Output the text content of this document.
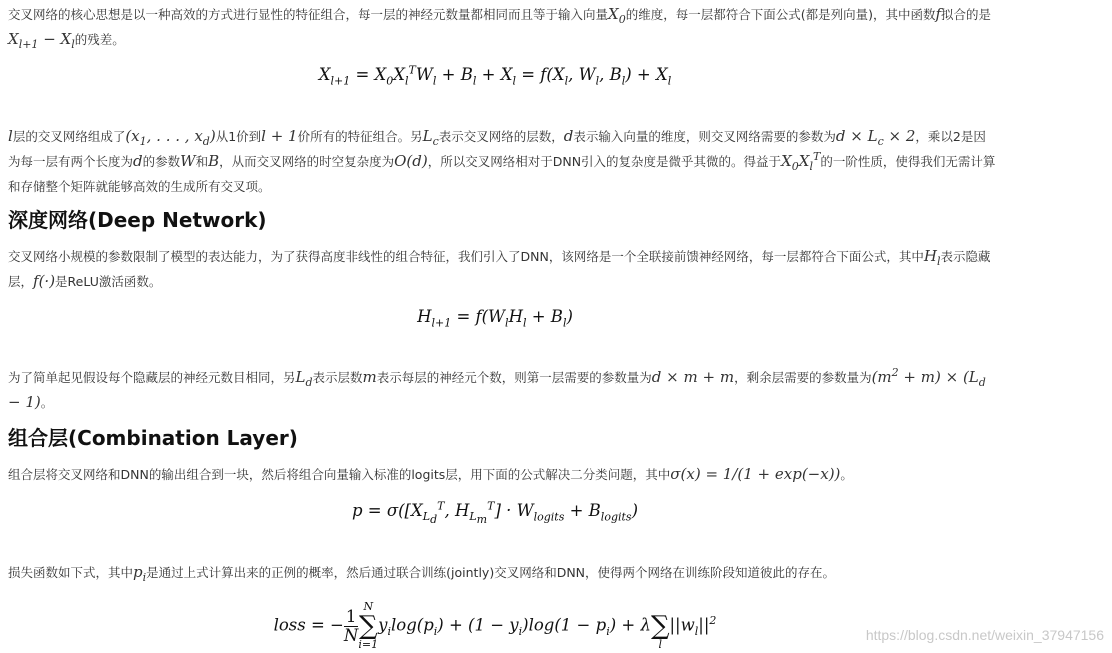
交叉网络的核心思想是以一种高效的方式进行显性的特征组合，每一层的神经元数量都相同而且等于输入向量$X_0$的维度，每一层都符合下面公式(都是列向量)，其中函数f拟合的是$X_{l+1} - X_l$的残差。

$X_{l+1} = X_0X_l^TW_l + B_l + X_l = f(X_l$, $W_l$, $B_l) + X_l$

l层的交叉网络组成了($x_1$, . . . , $x_d$)从1价到l + 1价所有的特征组合。另$L_c$表示交叉网络的层数，d表示输入向量的维度，则交叉网络需要的参数为$d \times L_c \times 2$，乘以2是因为每一层有两个长度为d的参数W和B，从而交叉网络的时空复杂度为O(d)，所以交叉网络相对于DNN引入的复杂度是微乎其微的。得益于$X_0X_l^T$的一阶性质，使得我们无需计算和存储整个矩阵就能够高效的生成所有交叉项。

深度网络(Deep Network)

交叉网络小规模的参数限制了模型的表达能力，为了获得高度非线性的组合特征，我们引入了DNN，该网络是一个全联接前馈神经网络，每一层都符合下面公式，其中$H_l$表示隐藏层，f(·)是ReLU激活函数。

$H_{l+1} = f(W_lH_l + B_l)$

为了简单起见假设每个隐藏层的神经元数目相同，另$L_d$表示层数m表示每层的神经元个数，则第一层需要的参数量为d × m + m，剩余层需要的参数量为$(m^2 + m) \times (L_d - 1)$。

组合层(Combination Layer)

组合层将交叉网络和DNN的输出组合到一块，然后将组合向量输入标准的logits层，用下面的公式解决二分类问题，其中σ(x) = 1/(1 + exp(−x))。

$p = \sigma([X_{L_d}^T$, $H_{L_m}^T] \cdot W_{logits} + B_{logits}$)

损失函数如下式，其中$p_i$是通过上式计算出来的正例的概率，然后通过联合训练(jointly)交叉网络和DNN，使得两个网络在训练阶段知道彼此的存在。

loss = − $\frac{1}{N}$
N
∑
i=1
$y_i\log(p_i) + (1 - y_i)\log(1 - p_i) + \lambda$
∑
l
$||w_l||^2$
https://blog.csdn.net/weixin_37947156
